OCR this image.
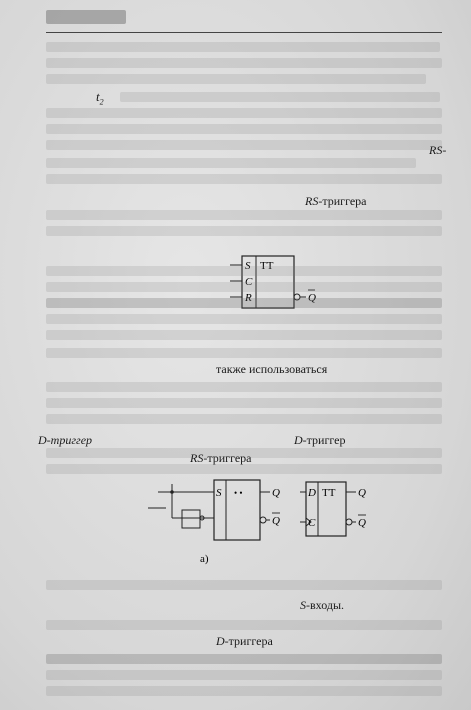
$t_2$
RS-
RS-триггера
S
C
R
TT
Q
также использоваться
D-триггер	D-триггер
RS-триггера
S • •	Q
Q
а)
D TT
C
Q
Q
S-входы.
D-триггера
